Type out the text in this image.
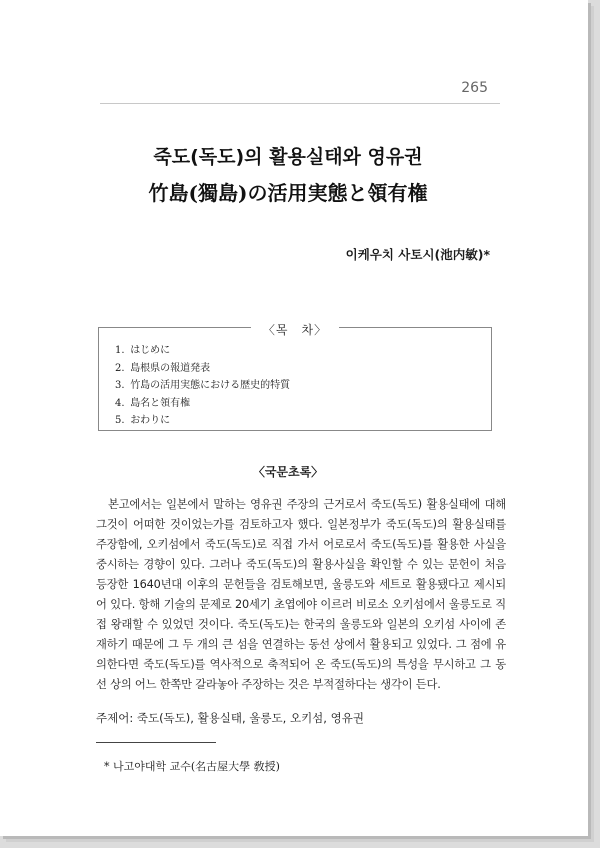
265
죽도(독도)의 활용실태와 영유권
竹島(獨島)の活用実態と領有権
이케우치 사토시(池内敏)*
〈목　차〉
1. はじめに
2. 島根県の報道発表
3. 竹島の活用実態における歴史的特質
4. 島名と領有権
5. おわりに
〈국문초록〉

본고에서는 일본에서 말하는 영유권 주장의 근거로서 죽도(독도) 활용실태에 대해 그것이 어떠한 것이었는가를 검토하고자 했다. 일본정부가 죽도(독도)의 활용실태를 주장함에, 오키섬에서 죽도(독도)로 직접 가서 어로로서 죽도(독도)를 활용한 사실을 중시하는 경향이 있다. 그러나 죽도(독도)의 활용사실을 확인할 수 있는 문헌이 처음 등장한 1640년대 이후의 문헌들을 검토해보면, 울릉도와 세트로 활용됐다고 제시되어 있다. 항해 기술의 문제로 20세기 초엽에야 이르러 비로소 오키섬에서 울릉도로 직접 왕래할 수 있었던 것이다. 죽도(독도)는 한국의 울릉도와 일본의 오키섬 사이에 존재하기 때문에 그 두 개의 큰 섬을 연결하는 동선 상에서 활용되고 있었다. 그 점에 유의한다면 죽도(독도)를 역사적으로 축적되어 온 죽도(독도)의 특성을 무시하고 그 동선 상의 어느 한쪽만 갈라놓아 주장하는 것은 부적절하다는 생각이 든다.

주제어: 죽도(독도), 활용실태, 울릉도, 오키섬, 영유권
* 나고야대학 교수(名古屋大學 敎授)
